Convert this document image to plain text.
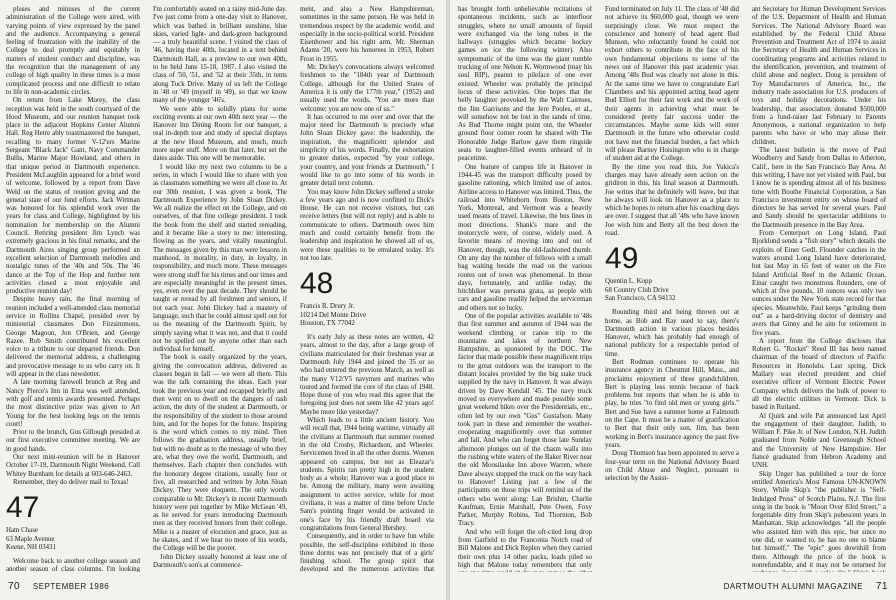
pluses and minuses of the current administration of the College were aired, with varying points of view expressed by the panel and the audience. Accompanying a general feeling of frustration with the inability of the College to deal promptly and equitably in matters of student conduct and discipline, was the recognition that the management of any college of high quality in these times is a most complicated process and one difficult to relate to life in non-academic circles.

On return from Lake Morey, the class reception was held in the south courtyard of the Hood Museum, and our reunion banquet took place in the adjacent Hopkins Center Alumni Hall. Reg Hetre ably toastmastered the banquet, recalling to many former V-12'ers Marine Sergeant "Black Jack" Gant, Navy Commander Bullis, Marine Major Howland, and others in that unique period in Dartmouth experience. President McLaughlin appeared for a brief word of welcome, followed by a report from Dave Weld on the status of reunion giving and the general state of our fund efforts. Jack Wittman was honored for his splendid work over the years for class and College, highlighted by his nomination for membership on the Alumni Council. Retiring president Jim Lynch was extremely gracious in his final remarks, and the Dartmouth Aires singing group performed an excellent selection of Dartmouth melodies and nostalgic tunes of the '40s and '50s. The '46 dance at the Top of the Hop and further tent activities closed a most enjoyable and productive reunion day!

Despite heavy rain, the final morning of reunion included a well-attended class memorial service in Rollins Chapel, presided over by ministerial classmates Don Fitzsimmons, George Magoon, Jon O'Brien, and George Razee. Rob Smith contributed his excellent voice to a tribute to our departed friends. Don delivered the memorial address, a challenging and provocative message to us who carry on. It will appear in the class newsletter.

A late morning farewell brunch at Reg and Nancy Pierce's Inn in Etna was well attended, with golf and tennis awards presented. Perhaps the most distinctive prize was given to Art Young for the best looking legs on the tennis court!

Prior to the brunch, Gus Gillough presided at our first executive committee meeting. We are in good hands.

Our next mini-reunion will be in Hanover October 17-19, Dartmouth Night Weekend. Call Whitey Burnham for details at 603-646-2463.

Remember, they do deliver mail to Texas!

47
Ham Chase
63 Maple Avenue
Keene, NH 03431

Welcome back to another college season and another season of class columns. I'm looking

I'm comfortably seated on a rainy mid-June day. I've just come from a one-day visit to Hanover, which was bathed in brilliant sunshine, blue skies, varied light- and dark-green background — a truly beautiful scene. I visited the class of '46, having their 40th, located in a tent behind Dartmouth Hall, as a preview to our own 40th, to be held June 15-18, 1987. I also visited the class of '50, '51, and '52 at their 35th, in tents along Tuck Drive. Many of us left the College in '48 or '49 (myself in '49), so that we know many of the younger '46's.

We were able to solidly plans for some exciting events at our own 40th next year — the Hanover Inn Dining Room for our banquet, a real in-depth tour and study of special displays at the new Hood Museum, and much, much more super stuff. More on that later, but set the dates aside. This one will be memorable.

I would like my next two columns to be a series, in which I would like to share with you as classmates something we were all close to. At our 30th reunion, I was given a book, The Dartmouth Experience by John Sloan Dickey. We all realize the effect on the College, and on ourselves, of that fine college president. I took the book from the shelf and started rereading, and it became like a story to me: interesting, flowing as the years, and vitally meaningful. The messages given by this man were lessons in manhood, in morality, in duty, in loyalty, in responsibility, and much more. These messages were strong stuff for his times and our times and are especially meaningful in the present times, yes, even over the past decade. They should be taught or reread by all freshmen and seniors, if not each year. John Dickey had a mastery of language, such that he could almost spell out for us the meaning of the Dartmouth Spirit, by simply saying what it was not, and that it could not be spelled out by anyone other than each individual for himself.

The book is easily organized by the years, giving the convocation address, delivered as classes began in fall — we were all there. This was the talk containing the ideas. Each year took the previous year and recapped briefly and then went on to dwell on the dangers of rash action, the duty of the student at Dartmouth, or the responsibility of the student to those around him, and for the hopes for the future. Inspiring is the word which comes to my mind. Then follows the graduation address, usually brief, but with no doubt as to the message of who they are, what they owe the world, Dartmouth, and themselves. Each chapter then concludes with the honorary degree citations, usually four or five, all researched and written by John Sloan Dickey. They were eloquent. The only words comparable to Mr. Dickey's in recent Dartmouth history were put together by Mike McGean '49, as he served for years introducing Dartmouth men as they received honors from their college. Mike is a master of elocution and grace, just as he skates, and if we hear no more of his words, the College will be the poorer.

John Dickey usually honored at least one of Dartmouth's son's at commence-

ment, and also a New Hampshireman, sometimes in the same person. He was held in tremendous respect by the academic world, and especially in the socio-political world. President Eisenhower and his right arm, Mr. Sherman Adams '20, were his honorees in 1953, Robert Frost in 1955.

Mr. Dickey's convocations always welcomed freshmen to the "184th year of Dartmouth College, although for the United States of America it is only the 177th year," (1952) and usually used the words, "You are more than welcome; you are now one of us."

It has occurred to me over and over that the major need for Dartmouth is precisely what John Sloan Dickey gave: the leadership, the inspiration, the magnificent splendor and simplicity of his words. Finally, the exhortation to greater duties, expected "by your college, your country, and your friends at Dartmouth." I would like to go into some of his words in greater detail next column.

You may know John Dickey suffered a stroke a few years ago and is now confined to Dick's House. He can not receive visitors, but can receive letters (but will not reply) and is able to communicate to others. Dartmouth owes him much and could certainly benefit from the leadership and inspiration he showed all of us, were these qualities to be emulated today. It's not too late.

48
Francis R. Drury Jr.
10214 Del Monte Drive
Houston, TX 77042

It's early July as these notes are written, 42 years, almost to the day, after a large group of civilians matriculated for their freshman year at Dartmouth July 1944 and joined the 35 or so who had entered the previous March, as well as the many V12/V5 navymen and marines who toured and formed the core of the class of 1948. Hope those of you who read this agree that the foregoing just does not seem like 42 years ago! Maybe more like yesterday?

Which leads to a little ancient history. You will recall that, 1944 being wartime, virtually all the civilians at Dartmouth that summer roomed in the old Crosby, Richardson, and Wheeler. Servicemen lived in all the other dorms. Women appeared on campus, but not as Eleazar's students. Spirits ran pretty high in the student body as a whole; Hanover was a good place to be. Among the military, many were awaiting assignment to active service, while for most civilians, it was a matter of time before Uncle Sam's pointing finger would be activated in one's face by his friendly draft board via congratulations from General Hershey.

Consequently, and in order to have fun while possible, the self-discipline exhibited in those three dorms was not precisely that of a girls' finishing school. The group spirit that developed and the numerous activities that

70 SEPTEMBER 1986

has brought forth unbelievable recitations of spontaneous incidents, such as interfloor struggles, where no small amounts of liquid were exchanged via the long tubes in the hallways (struggles which became hockey games on ice the following winter). Also symptomatic of the time was the giant rumble trucking of one Nelson K. Wormwood (may his soul RIP), peanut to pileface of one ever existed. Wheeler was probably the principal locus of these activities. One hopes that the belly laughter provoked by the Walt Cairnses, the Jim Garrisons and the Jere Pooles, et al., will somehow not be lost in the sands of time. As Bud Thorne might point out, the Wheeler ground floor corner room he shared with The Honorable Judge Barlow gave them ringside seats to laughter-filled events unheard of in peacetime.

One feature of campus life in Hanover in 1944-45 was the transport difficulty posed by gasoline rationing, which limited use of autos. Airline access to Hanover was limited. Thus, the railroad into Whitehorn from Boston, New York, Montreal, and Vermont was a heavily used means of travel. Likewise, the bus lines in most directions. Shank's mare and the motorcycle were, of course, widely used. A favorite means of moving into and out of Hanover, though, was the old-fashioned thumb. On any day the number of fellows with a small bag waiting beside the road on the various routes out of town was phenomenal. In those days, fortunately, and unlike today, the hitchhiker was persona grata, as people with cars and gasoline readily helped the serviceman and others not so lucky.

One of the popular activities available to '48s that first summer and autumn of 1944 was the weekend climbing or canoe trip to the mountains and lakes of northern New Hampshire, as sponsored by the DOC. The factor that made possible these magnificent trips to the great outdoors was the transport to the distant locales provided by the big stake truck supplied by the navy in Hanover. It was always driven by Dave Kendall '45. The navy truck moved us everywhere and made possible some great weekend hikes over the Presidentials, etc., often led by our own "Gus" Gustafson. Many took part in these and remember the weather-cooperating magnificently over that summer and fall. And who can forget those late Sunday afternoon plunges out of the chasm walls into the rushing white waters of the Baker River near the old Moosilauke Inn above Warren, where Dave always stopped the truck on the way back to Hanover! Listing just a few of the participants on those trips will remind us of the others who went along: Lan Brishin, Charlie Kaufman, Ernie Marshall, Pete Owen, Foxy Parker, Murphy Robins, Ted Thornton, Bob Tracy.

And who will forget the oft-cited long drop from Garfield to the Franconia Notch road of Bill Malone and Dick Replen when they carried their own plus 14 other packs, loads piled so high that Malone today remembers that only

Fund terminated on July 11. The class of '48 did not achieve its $60,000 goal, though we were surprisingly close. We must respect the conscience and honesty of head agent Bud Munson, who reluctantly found he could not exhort others to contribute in the face of his own fundamental objections to some of the news out of Hanover this past academic year. Among '48s Bud was clearly not alone in this. At the same time we have to congratulate Earl Chambers and his appointed acting head agent Bud Elliott for their fast work and the work of their agents in achieving what must be considered pretty fair success under the circumstances. Maybe some kids will enter Dartmouth in the future who otherwise could not have met the financial burden, a fact which will please Barney Hoisington who is in charge of student aid at the College.

By the time you read this, Joe Yukica's charges may have already seen action on the gridiron in this, his final season at Dartmouth. Joe writes that he definitely will leave, but that he always will look on Hanover as a place to which he hopes to return after his coaching days are over. I suggest that all '48s who have known Joe wish him and Betty all the best down the road.

49
Quentin L. Kopp
68 Country Club Drive
San Francisco, CA 94132

Rounding third and being thrown out at home, as Bob and Ray used to say, there's Dartmouth action in various places besides Hanover, which has probably had enough of national publicity for a respectable period of time.

Bert Rodman continues to operate his insurance agency in Chestnut Hill, Mass., and proclaims enjoyment of three grandchildren. Bert is playing less tennis because of back problems but reports that when he is able to play, he tries "to find old men or young girls." Bert and Sue have a summer home at Falmouth on the Cape. It must be a matter of gratification to Bert that their only son, Jim, has been working in Bert's insurance agency the past five years.

Doug Thomson has been appointed to serve a four-year term on the National Advisory Board on Child Abuse and Neglect, pursuant to selection by the Assist-

ant Secretary for Human Development Services of the U.S. Department of Health and Human Services. The National Advisory Board was established by the Federal Child Abuse Prevention and Treatment Act of 1974 to assist the Secretary of Health and Human Services in coordinating programs and activities related to the identification, prevention, and treatment of child abuse and neglect. Doug is president of Toy Manufacturers of America, Inc., the industry trade association for U.S. producers of toys and holiday decorations. Under his leadership, that association donated $500,000 from a fund-raiser last February to Parents Anonymous, a national organization to help parents who have or who may abuse their children.

The latest bulletin is the move of Paul Woodberry and Sandy from Dallas to Atherton, Calif., here in the San Francisco Bay Area. At this writing, I have not yet visited with Paul, but I know he is spending almost all of his business time with Boothe Financial Corporation, a San Francisco investment entity on whose board of directors he has served for several years. Paul and Sandy should be spectacular additions to the Dartmouth presence in the Bay Area.

From Centerport on Long Island, Paul Bjorklund sends a "fish story" which details the exploits of Einer Gedl. Flounder catches in the waters around Long Island have deteriorated, but last May in 65 feet of water on the Fire Island Artificial Reef in the Atlantic Ocean, Einar caught two monstrous flounders, one of which at five pounds, 10 ounces was only two ounces under the New York state record for that species. Meanwhile, Paul keeps "grinding them out" as a hard-driving doctor of dentistry and avers that Ginny and he aim for retirement in five years.

A report from the College discloses that Robert G. "Rocket" Reed III has been named chairman of the board of directors of Pacific Resources in Honolulu. Last spring, Dick Mallary was elected president and chief executive officer of Vermont Electric Power Company which delivers the bulk of power to all the electric utilities in Vermont. Dick is based in Rutland.

Al Quirk and wife Pat announced last April the engagement of their daughter, Judith, to William F. Pike Jr. of New London, N.H. Judith graduated from Noble and Greenough School and the University of New Hampshire. Her fiancé graduated from Hebron Academy and UNH.

Skip Unger has published a tour de force entitled America's Most Famous UN-KNOWN Story. While Skip's "the publisher is "Self-Indulged Press" of Scotch Plains, N.J. The first song in the book is "Moon Over 83rd Street," a forgettable ditty from Skip's pubescent years in Manhattan. Skip acknowledges "all the people who assisted him with this epic, but since no one did, or wanted to, he has no one to blame but himself." The "epic" goes downhill from there. Although the price of the book is nonrefundable, and it may not be returned for

DARTMOUTH ALUMNI MAGAZINE 71
